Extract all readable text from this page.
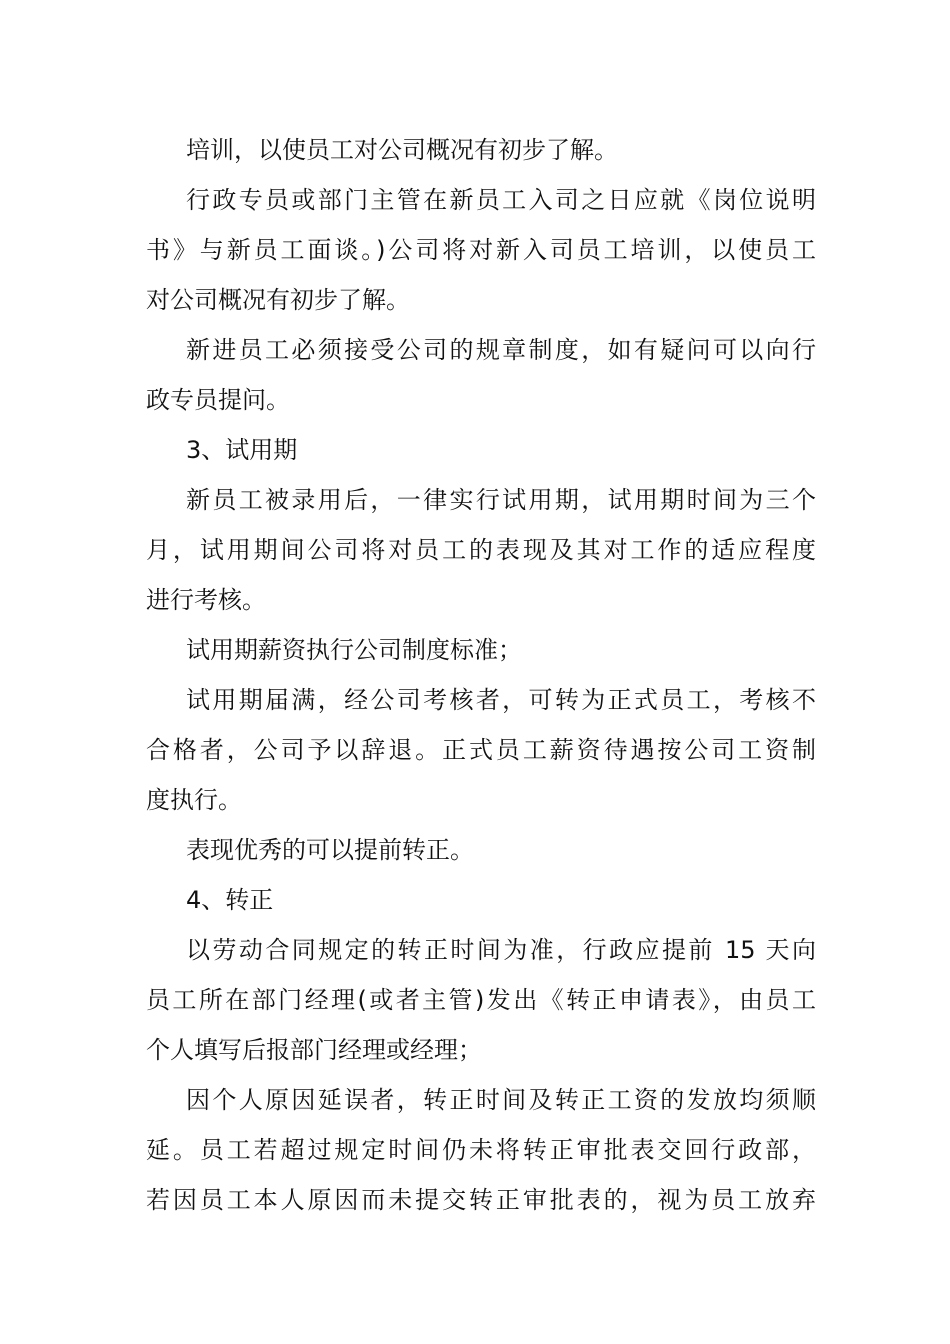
培训，以使员工对公司概况有初步了解。
行政专员或部门主管在新员工入司之日应就《岗位说明
书》与新员工面谈。)公司将对新入司员工培训，以使员工
对公司概况有初步了解。
新进员工必须接受公司的规章制度，如有疑问可以向行
政专员提问。
3、试用期
新员工被录用后，一律实行试用期，试用期时间为三个
月，试用期间公司将对员工的表现及其对工作的适应程度
进行考核。
试用期薪资执行公司制度标准；
试用期届满，经公司考核者，可转为正式员工，考核不
合格者，公司予以辞退。正式员工薪资待遇按公司工资制
度执行。
表现优秀的可以提前转正。
4、转正
以劳动合同规定的转正时间为准，行政应提前 15 天向
员工所在部门经理(或者主管)发出《转正申请表》，由员工
个人填写后报部门经理或经理；
因个人原因延误者，转正时间及转正工资的发放均须顺
延。员工若超过规定时间仍未将转正审批表交回行政部，
若因员工本人原因而未提交转正审批表的，视为员工放弃
